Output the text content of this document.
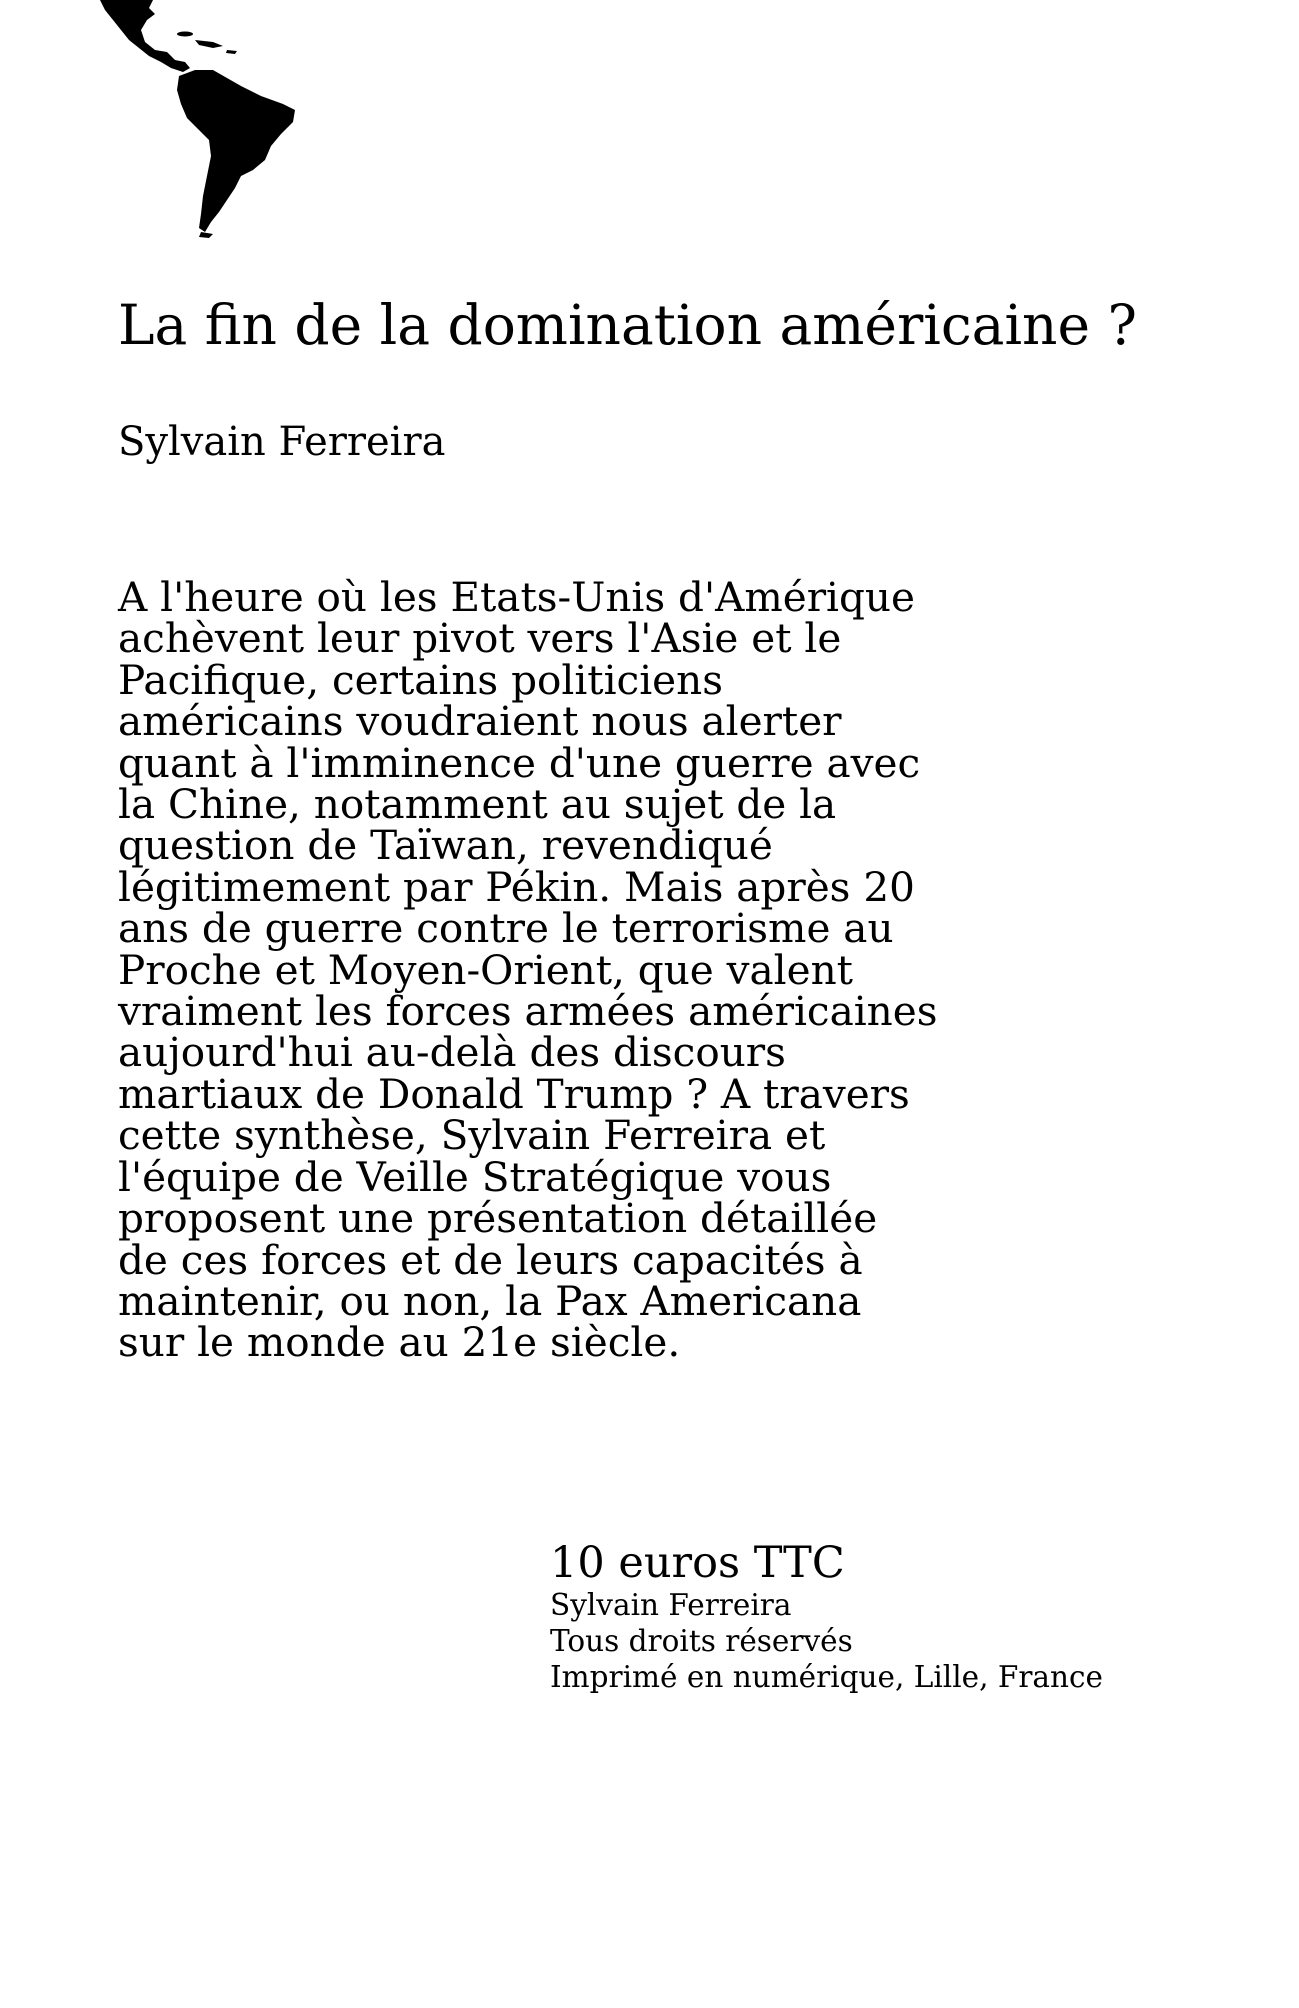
La fin de la domination américaine ?
Sylvain Ferreira
A l'heure où les Etats-Unis d'Amérique
achèvent leur pivot vers l'Asie et le
Pacifique, certains politiciens
américains voudraient nous alerter
quant à l'imminence d'une guerre avec
la Chine, notamment au sujet de la
question de Taïwan, revendiqué
légitimement par Pékin. Mais après 20
ans de guerre contre le terrorisme au
Proche et Moyen-Orient, que valent
vraiment les forces armées américaines
aujourd'hui au-delà des discours
martiaux de Donald Trump ? A travers
cette synthèse, Sylvain Ferreira et
l'équipe de Veille Stratégique vous
proposent une présentation détaillée
de ces forces et de leurs capacités à
maintenir, ou non, la Pax Americana
sur le monde au 21e siècle.
10 euros TTC
Sylvain Ferreira
Tous droits réservés
Imprimé en numérique, Lille, France
